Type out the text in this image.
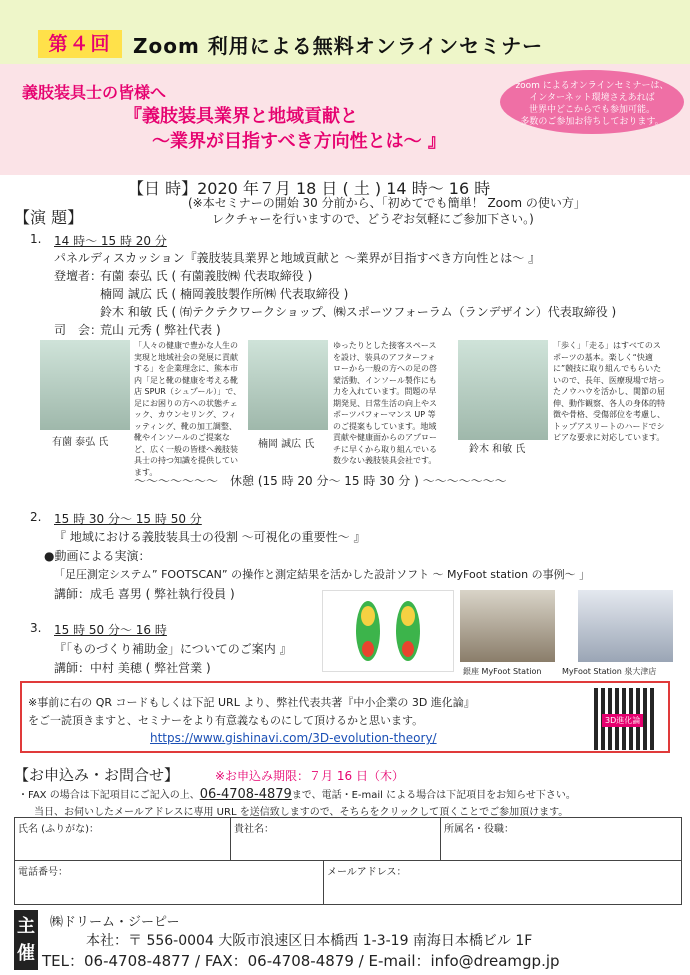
第４回	Zoom 利用による無料オンラインセミナー
義肢装具士の皆様へ
『義肢装具業界と地域貢献と
～業界が目指すべき方向性とは～ 』
zoom によるオンラインセミナーは、
インターネット環境さえあれば
世界中どこからでも参加可能。
多数のご参加お待ちしております。
【日 時】2020 年７月 18 日 ( 土 ) 14 時～ 16 時
(※本セミナーの開始 30 分前から、「初めてでも簡単！ Zoom の使い方」
レクチャーを行いますので、どうぞお気軽にご参加下さい。)
【演 題】
1. 14 時～ 15 時 20 分
パネルディスカッション『義肢装具業界と地域貢献と ～業界が目指すべき方向性とは～ 』
登壇者：
有薗 泰弘 氏 ( 有薗義肢㈱ 代表取締役 )
楠岡 誠広 氏 ( 楠岡義肢製作所㈱ 代表取締役 )
鈴木 和敏 氏 ( ㈲テクテクワークショップ、㈱スポーツフォーラム（ランデザイン）代表取締役 )
司　会：
荒山 元秀 ( 弊社代表 )
有薗 泰弘 氏
「人々の健康で豊かな人生の実現と地域社会の発展に貢献する」を企業理念に、熊本市内「足と靴の健康を考える靴店 SPUR（シュプール）」で、足にお困りの方への状態チェック、カウンセリング、フィッティング、靴の加工調整、靴やインソールのご提案など、広く一般の皆様へ義肢装具士の持つ知識を提供しています。
楠岡 誠広 氏
ゆったりとした接客スペースを設け、装具のアフターフォローから一般の方への足の啓蒙活動、インソール製作にも力を入れています。問題の早期発見、日常生活の向上やスポーツパフォーマンス UP 等のご提案もしています。地域貢献や健康面からのアプローチに早くから取り組んでいる数少ない義肢装具会社です。
鈴木 和敏 氏
「歩く」「走る」はすべてのスポーツの基本。楽しく“快適に”競技に取り組んでもらいたいので、長年、医療現場で培ったノウハウを活かし、関節の屈伸、動作観察、各人の身体的特徴や骨格、受傷部位を考慮し、トップアスリートのハードでシビアな要求に対応しています。
～～～～～～～　休憩 (15 時 20 分～ 15 時 30 分 ) ～～～～～～～
2. 15 時 30 分～ 15 時 50 分
『 地域における義肢装具士の役割 ～可視化の重要性～ 』
●動画による実演：
「足圧測定システム” FOOTSCAN” の操作と測定結果を活かした設計ソフト ～ MyFoot station の事例～ 」
講師：成毛 喜男 ( 弊社執行役員 )
銀座 MyFoot Station	MyFoot Station 泉大津店
3. 15 時 50 分～ 16 時
『「ものづくり補助金」についてのご案内 』
講師：中村 美穂 ( 弊社営業 )
※事前に右の QR コードもしくは下記 URL より、弊社代表共著『中小企業の 3D 進化論』
をご一読頂きますと、セミナーをより有意義なものにして頂けるかと思います。
https://www.gishinavi.com/3D-evolution-theory/
3D進化論
【お申込み・お問合せ】	※お申込み期限：７月 16 日（木）
・FAX の場合は下記項目にご記入の上、06-4708-4879まで、電話・E-mail による場合は下記項目をお知らせ下さい。
当日、お伺いしたメールアドレスに専用 URL を送信致しますので、そちらをクリックして頂くことでご参加頂けます。
氏名 (ふりがな)：	貴社名：	所属名・役職：
電話番号：	メールアドレス：
主催
㈱ドリーム・ジーピー
本社：〒 556-0004 大阪市浪速区日本橋西 1-3-19 南海日本橋ビル 1F
TEL：06-4708-4877 / FAX：06-4708-4879 / E-mail：info@dreamgp.jp
